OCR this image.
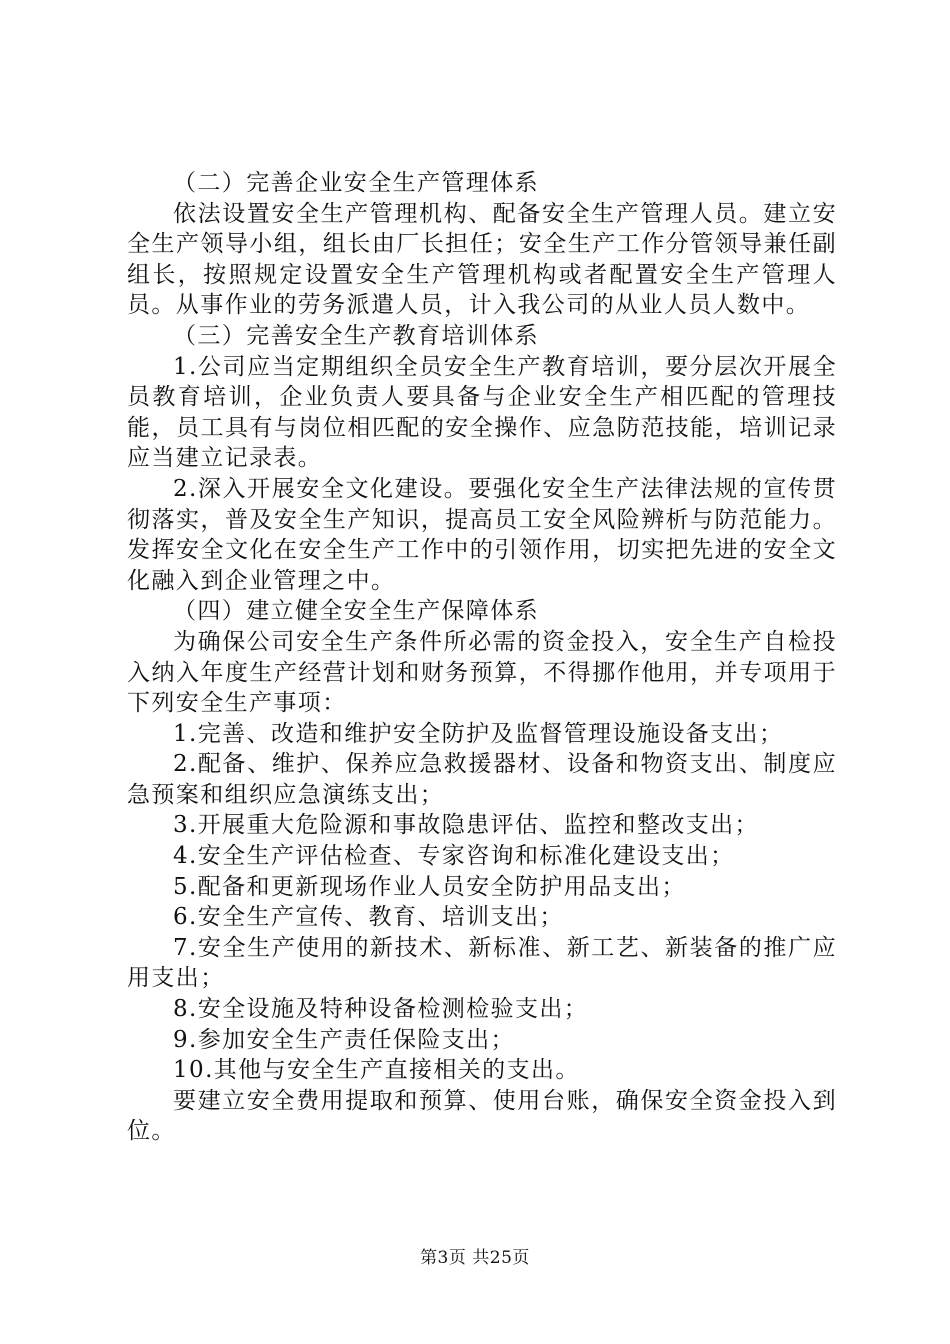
（二）完善企业安全生产管理体系

依法设置安全生产管理机构、配备安全生产管理人员。建立安全生产领导小组，组长由厂长担任；安全生产工作分管领导兼任副组长，按照规定设置安全生产管理机构或者配置安全生产管理人员。从事作业的劳务派遣人员，计入我公司的从业人员人数中。

（三）完善安全生产教育培训体系

1.公司应当定期组织全员安全生产教育培训，要分层次开展全员教育培训，企业负责人要具备与企业安全生产相匹配的管理技能，员工具有与岗位相匹配的安全操作、应急防范技能，培训记录应当建立记录表。

2.深入开展安全文化建设。要强化安全生产法律法规的宣传贯彻落实，普及安全生产知识，提高员工安全风险辨析与防范能力。发挥安全文化在安全生产工作中的引领作用，切实把先进的安全文化融入到企业管理之中。

（四）建立健全安全生产保障体系

为确保公司安全生产条件所必需的资金投入，安全生产自检投入纳入年度生产经营计划和财务预算，不得挪作他用，并专项用于下列安全生产事项：

1.完善、改造和维护安全防护及监督管理设施设备支出；

2.配备、维护、保养应急救援器材、设备和物资支出、制度应急预案和组织应急演练支出；

3.开展重大危险源和事故隐患评估、监控和整改支出；

4.安全生产评估检查、专家咨询和标准化建设支出；

5.配备和更新现场作业人员安全防护用品支出；

6.安全生产宣传、教育、培训支出；

7.安全生产使用的新技术、新标准、新工艺、新装备的推广应用支出；

8.安全设施及特种设备检测检验支出；

9.参加安全生产责任保险支出；

10.其他与安全生产直接相关的支出。

要建立安全费用提取和预算、使用台账，确保安全资金投入到位。

第3页 共25页
